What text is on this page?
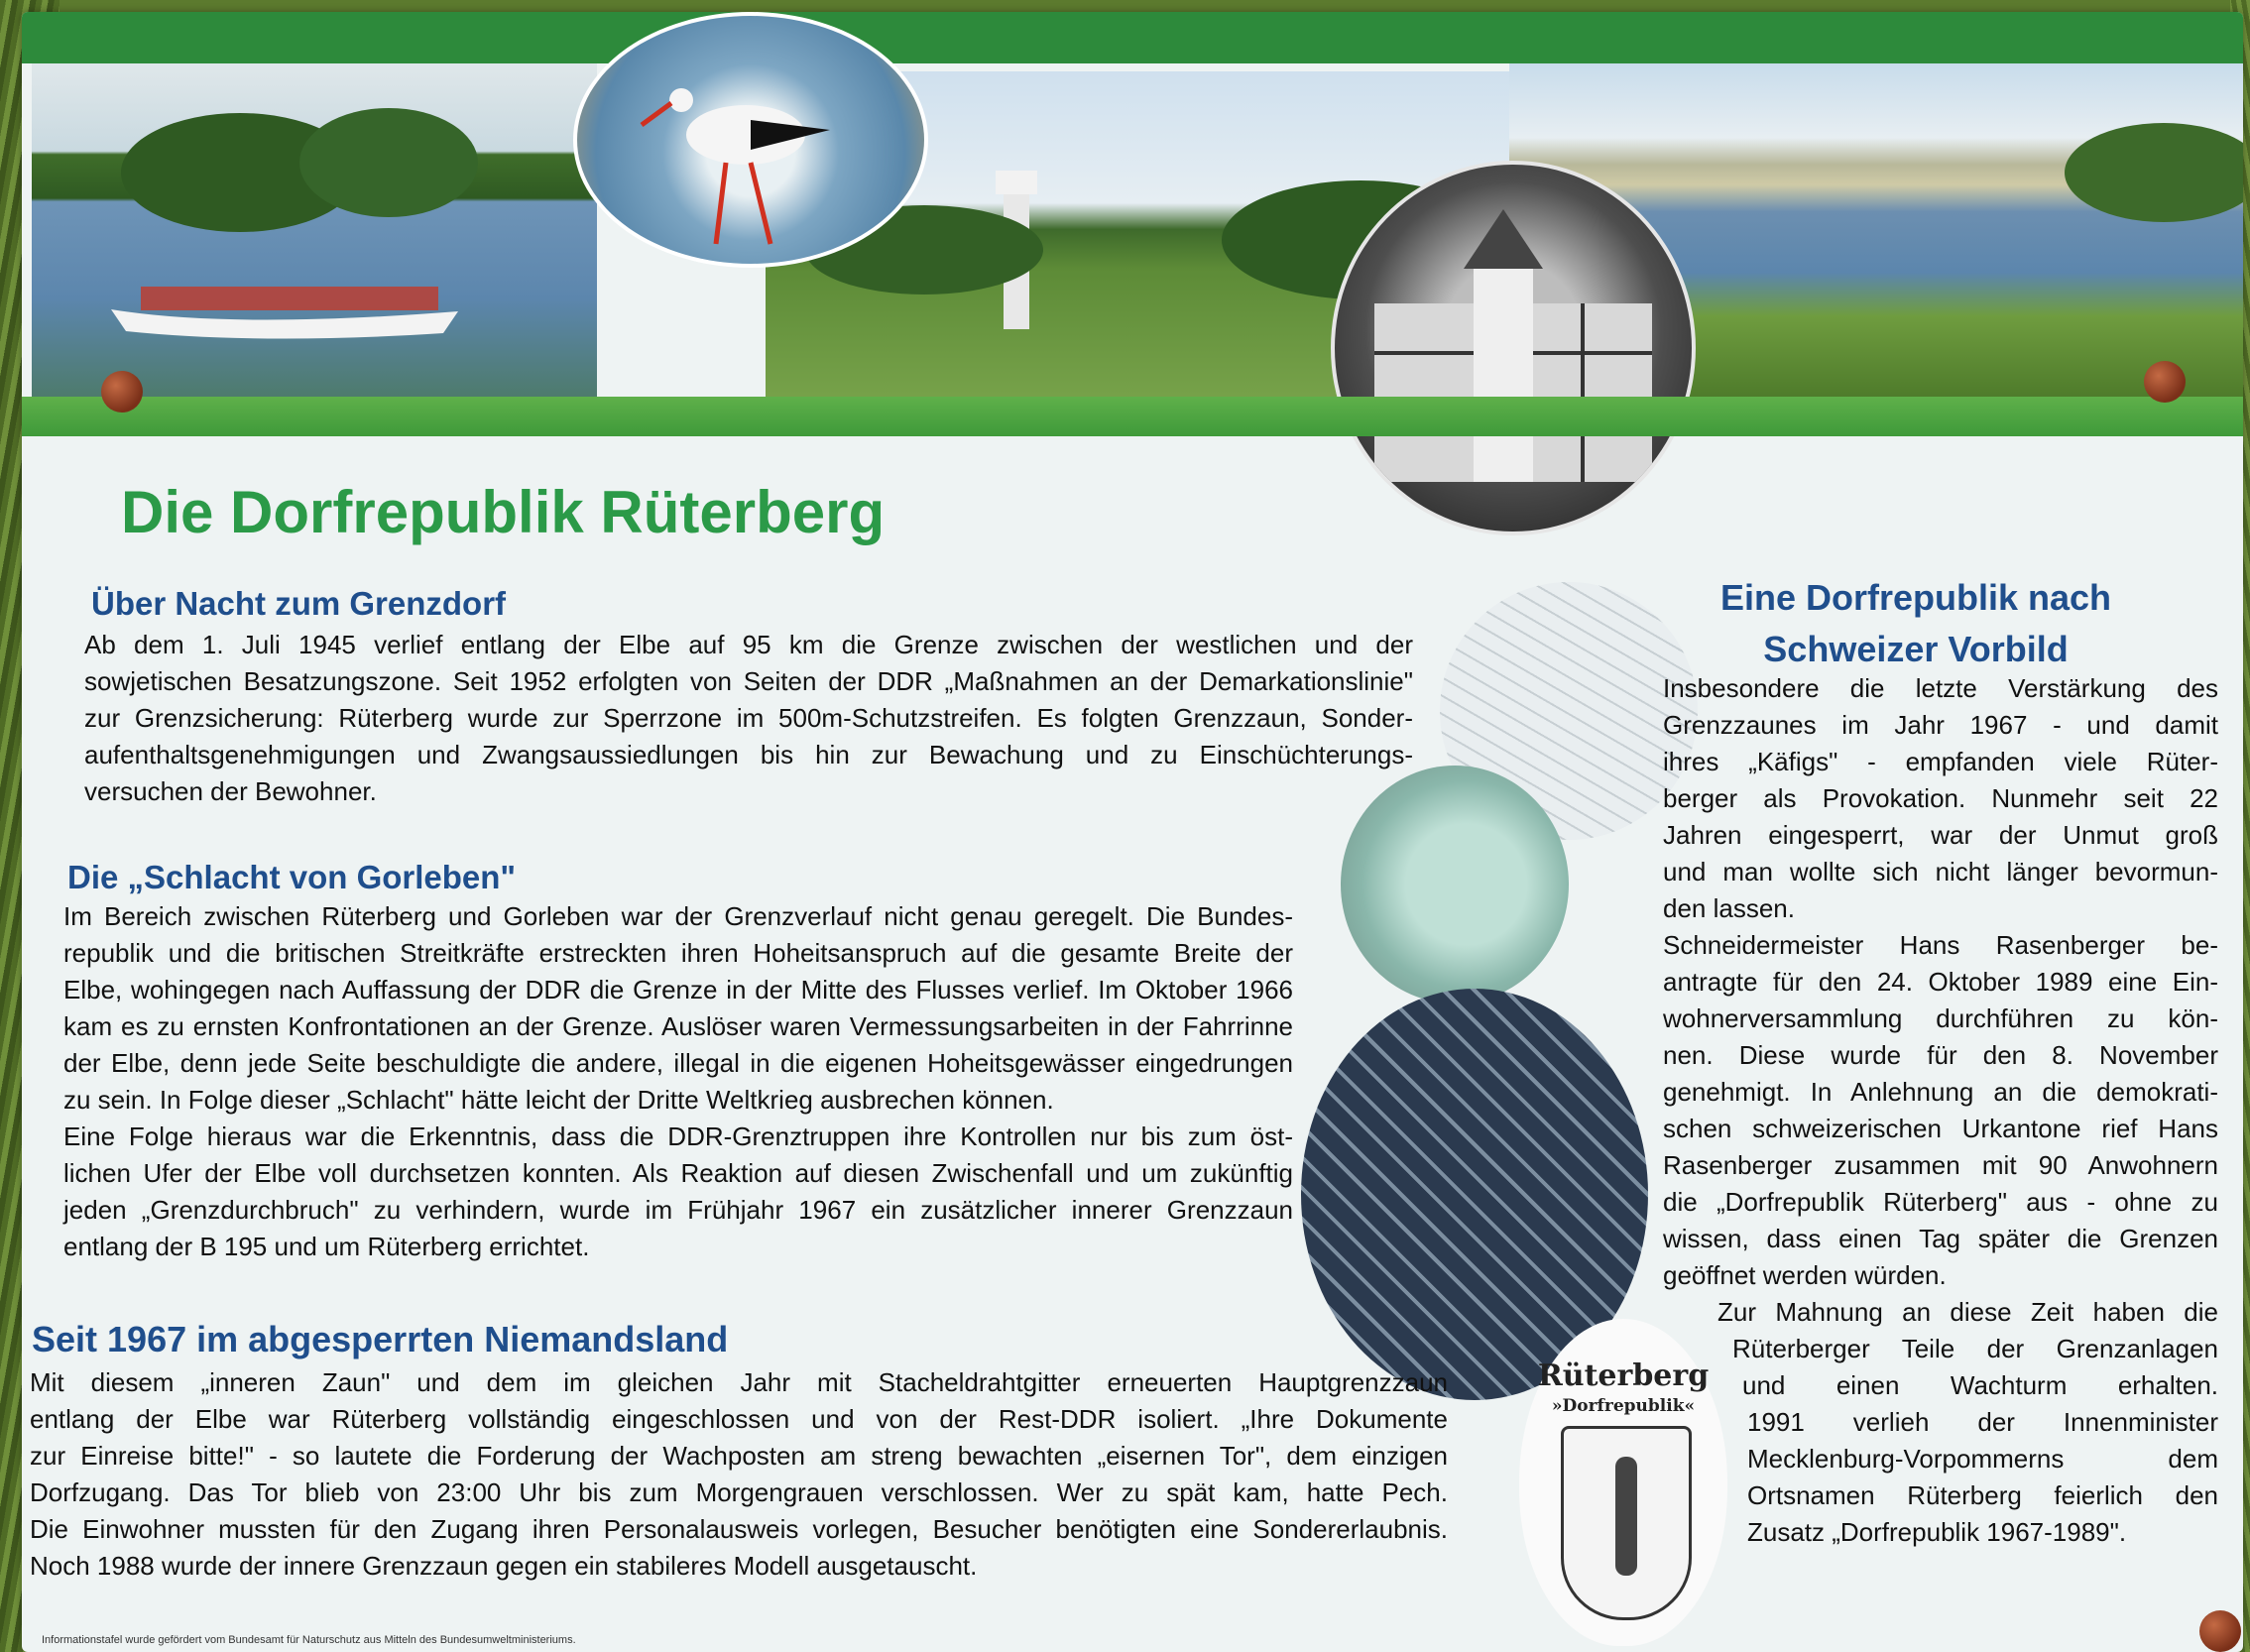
Die Dorfrepublik Rüterberg
Über Nacht zum Grenzdorf
Ab dem 1. Juli 1945 verlief entlang der Elbe auf 95 km die Grenze zwischen der westlichen und der
sowjetischen Besatzungszone. Seit 1952 erfolgten von Seiten der DDR „Maßnahmen an der Demarkationslinie"
zur Grenzsicherung: Rüterberg wurde zur Sperrzone im 500m-Schutzstreifen. Es folgten Grenzzaun, Sonder-
aufenthaltsgenehmigungen und Zwangsaussiedlungen bis hin zur Bewachung und zu Einschüchterungs-
versuchen der Bewohner.
Die „Schlacht von Gorleben"
Im Bereich zwischen Rüterberg und Gorleben war der Grenzverlauf nicht genau geregelt. Die Bundes-
republik und die britischen Streitkräfte erstreckten ihren Hoheitsanspruch auf die gesamte Breite der
Elbe, wohingegen nach Auffassung der DDR die Grenze in der Mitte des Flusses verlief. Im Oktober 1966
kam es zu ernsten Konfrontationen an der Grenze. Auslöser waren Vermessungsarbeiten in der Fahrrinne
der Elbe, denn jede Seite beschuldigte die andere, illegal in die eigenen Hoheitsgewässer eingedrungen
zu sein. In Folge dieser „Schlacht" hätte leicht der Dritte Weltkrieg ausbrechen können.
Eine Folge hieraus war die Erkenntnis, dass die DDR-Grenztruppen ihre Kontrollen nur bis zum öst-
lichen Ufer der Elbe voll durchsetzen konnten. Als Reaktion auf diesen Zwischenfall und um zukünftig
jeden „Grenzdurchbruch" zu verhindern, wurde im Frühjahr 1967 ein zusätzlicher innerer Grenzzaun
entlang der B 195 und um Rüterberg errichtet.
Seit 1967 im abgesperrten Niemandsland
Mit diesem „inneren Zaun" und dem im gleichen Jahr mit Stacheldrahtgitter erneuerten Hauptgrenzzaun
entlang der Elbe war Rüterberg vollständig eingeschlossen und von der Rest-DDR isoliert. „Ihre Dokumente
zur Einreise bitte!" - so lautete die Forderung der Wachposten am streng bewachten „eisernen Tor", dem einzigen
Dorfzugang. Das Tor blieb von 23:00 Uhr bis zum Morgengrauen verschlossen. Wer zu spät kam, hatte Pech.
Die Einwohner mussten für den Zugang ihren Personalausweis vorlegen, Besucher benötigten eine Sondererlaubnis.
Noch 1988 wurde der innere Grenzzaun gegen ein stabileres Modell ausgetauscht.
Eine Dorfrepublik nach
Schweizer Vorbild
Insbesondere die letzte Verstärkung des
Grenzzaunes im Jahr 1967 - und damit
ihres „Käfigs" - empfanden viele Rüter-
berger als Provokation. Nunmehr seit 22
Jahren eingesperrt, war der Unmut groß
und man wollte sich nicht länger bevormun-
den lassen.
Schneidermeister Hans Rasenberger be-
antragte für den 24. Oktober 1989 eine Ein-
wohnerversammlung durchführen zu kön-
nen. Diese wurde für den 8. November
genehmigt. In Anlehnung an die demokrati-
schen schweizerischen Urkantone rief Hans
Rasenberger zusammen mit 90 Anwohnern
die „Dorfrepublik Rüterberg" aus - ohne zu
wissen, dass einen Tag später die Grenzen
geöffnet werden würden.
Zur Mahnung an diese Zeit haben die
Rüterberger Teile der Grenzanlagen
und einen Wachturm erhalten.
1991 verlieh der Innenminister
Mecklenburg-Vorpommerns dem
Ortsnamen Rüterberg feierlich den
Zusatz „Dorfrepublik 1967-1989".
Rüterberg
»Dorfrepublik«
Informationstafel wurde gefördert vom Bundesamt für Naturschutz aus Mitteln des Bundesumweltministeriums.
